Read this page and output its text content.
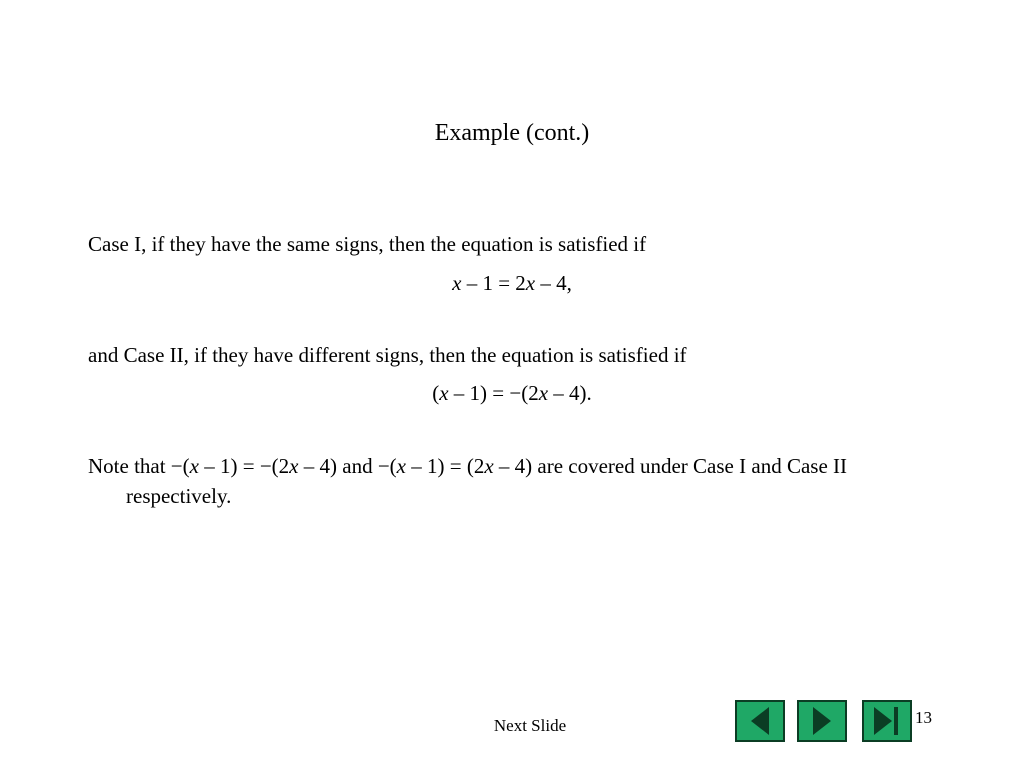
Example (cont.)
Case I, if they have the same signs, then the equation is satisfied if
x – 1 = 2x – 4,
and Case II, if they have different signs, then the equation is satisfied if
(x – 1) = −(2x – 4).
Note that −(x – 1) = −(2x – 4) and −(x – 1) = (2x – 4) are covered under Case I and Case II respectively.
Next Slide	13
